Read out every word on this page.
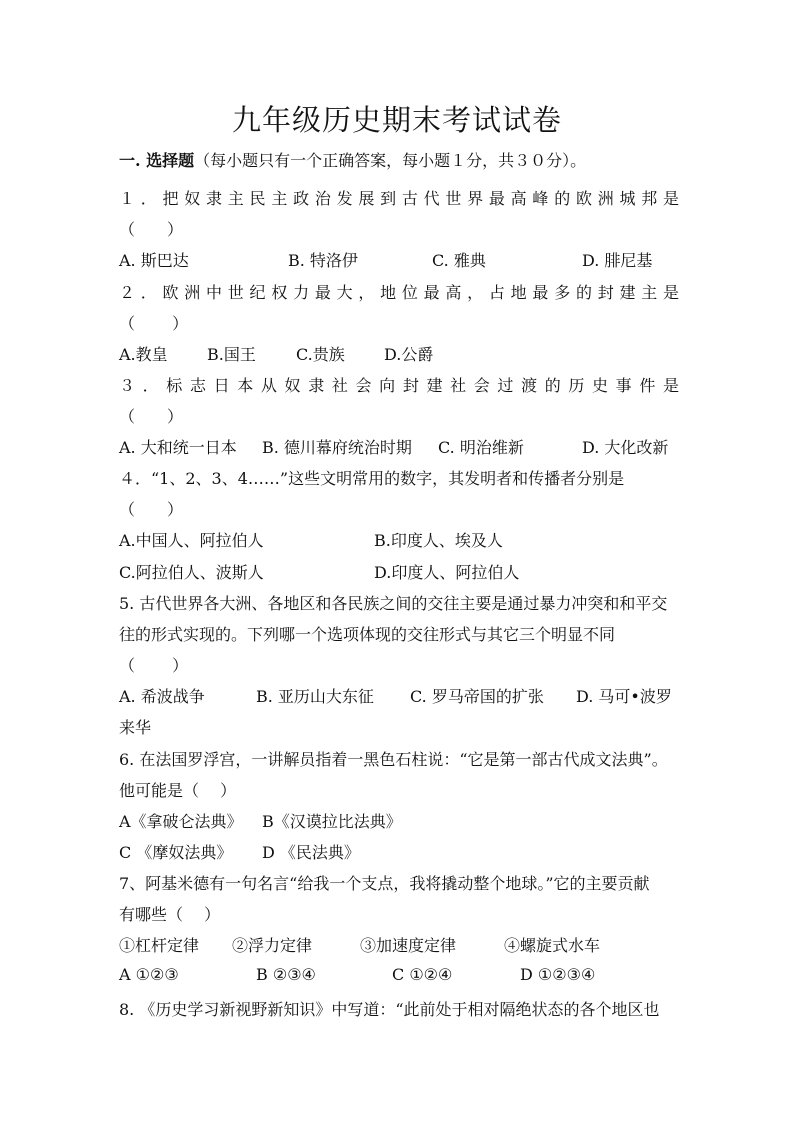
九年级历史期末考试试卷
一. 选择题（每小题只有一个正确答案，每小题１分，共３０分）。
１．把奴隶主民主政治发展到古代世界最高峰的欧洲城邦是
（　　）
A. 斯巴达	B. 特洛伊	C. 雅典	D. 腓尼基
２．欧洲中世纪权力最大，地位最高，占地最多的封建主是
（　　 ）
A.教皇 B.国王	C.贵族 D.公爵
３．标志日本从奴隶社会向封建社会过渡的历史事件是
（　　）
A. 大和统一日本 B. 德川幕府统治时期 C. 明治维新	D. 大化改新
４．“1、2、3、4……”这些文明常用的数字，其发明者和传播者分别是
（　　）
A.中国人、阿拉伯人	B.印度人、埃及人
C.阿拉伯人、波斯人	D.印度人、阿拉伯人
5. 古代世界各大洲、各地区和各民族之间的交往主要是通过暴力冲突和和平交
往的形式实现的。下列哪一个选项体现的交往形式与其它三个明显不同
（　　 ）
A. 希波战争	B. 亚历山大东征 C. 罗马帝国的扩张 D. 马可•波罗
来华
6. 在法国罗浮宫，一讲解员指着一黑色石柱说：“它是第一部古代成文法典”。
他可能是（　 ）
A《拿破仑法典》 B《汉谟拉比法典》
C 《摩奴法典》 D 《民法典》
7、阿基米德有一句名言“给我一个支点，我将撬动整个地球。”它的主要贡献
有哪些（　 ）
①杠杆定律 ②浮力定律	③加速度定律	④螺旋式水车
A ①②③	B ②③④	C ①②④	D ①②③④
8. 《历史学习新视野新知识》中写道：“此前处于相对隔绝状态的各个地区也
